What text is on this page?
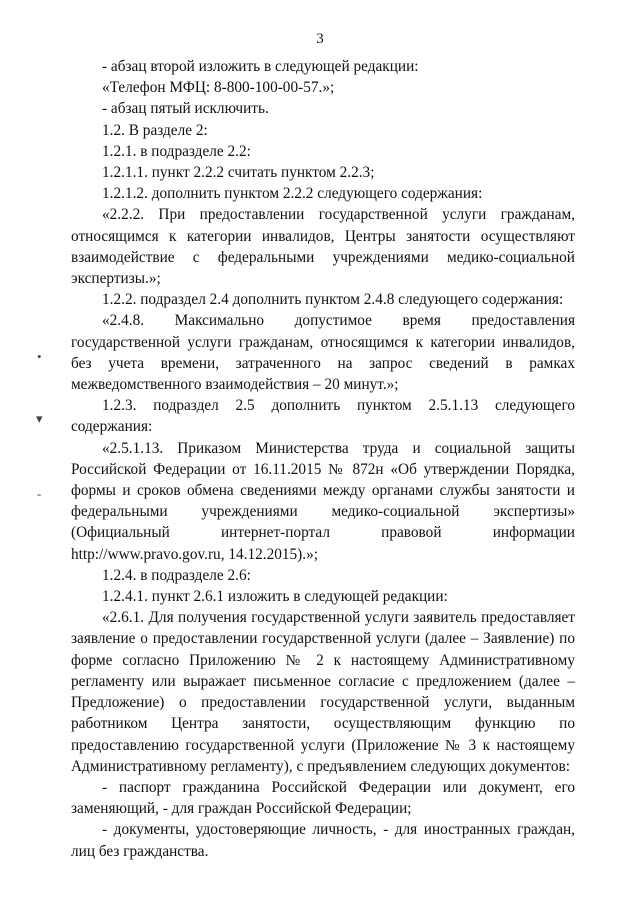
3

- абзац второй изложить в следующей редакции:

«Телефон МФЦ: 8-800-100-00-57.»;

- абзац пятый исключить.

1.2. В разделе 2:

1.2.1. в подразделе 2.2:

1.2.1.1. пункт 2.2.2 считать пунктом 2.2.3;

1.2.1.2. дополнить пунктом 2.2.2 следующего содержания:

«2.2.2. При предоставлении государственной услуги гражданам, относящимся к категории инвалидов, Центры занятости осуществляют взаимодействие с федеральными учреждениями медико-социальной экспертизы.»;

1.2.2. подраздел 2.4 дополнить пунктом 2.4.8 следующего содержания:

«2.4.8. Максимально допустимое время предоставления государственной услуги гражданам, относящимся к категории инвалидов, без учета времени, затраченного на запрос сведений в рамках межведомственного взаимодействия – 20 минут.»;

1.2.3. подраздел 2.5 дополнить пунктом 2.5.1.13 следующего содержания:

«2.5.1.13. Приказом Министерства труда и социальной защиты Российской Федерации от 16.11.2015 № 872н «Об утверждении Порядка, формы и сроков обмена сведениями между органами службы занятости и федеральными учреждениями медико-социальной экспертизы» (Официальный интернет-портал правовой информации http://www.pravo.gov.ru, 14.12.2015).»;

1.2.4. в подразделе 2.6:

1.2.4.1. пункт 2.6.1 изложить в следующей редакции:

«2.6.1. Для получения государственной услуги заявитель предоставляет заявление о предоставлении государственной услуги (далее – Заявление) по форме согласно Приложению № 2 к настоящему Административному регламенту или выражает письменное согласие с предложением (далее – Предложение) о предоставлении государственной услуги, выданным работником Центра занятости, осуществляющим функцию по предоставлению государственной услуги (Приложение № 3 к настоящему Административному регламенту), с предъявлением следующих документов:

- паспорт гражданина Российской Федерации или документ, его заменяющий, - для граждан Российской Федерации;

- документы, удостоверяющие личность, - для иностранных граждан, лиц без гражданства.

•
▾
-
